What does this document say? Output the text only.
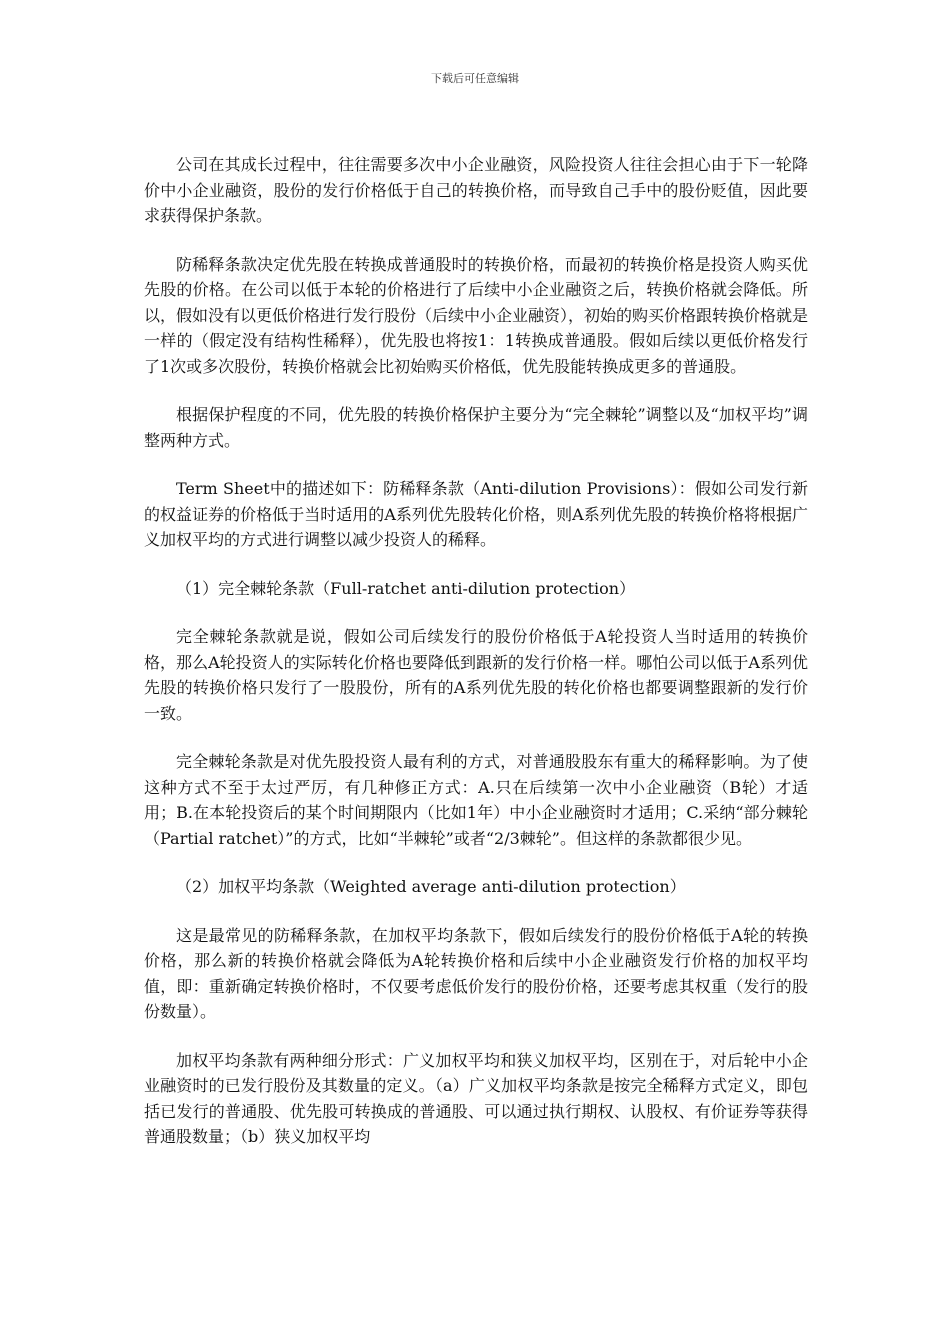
下载后可任意编辑

公司在其成长过程中，往往需要多次中小企业融资，风险投资人往往会担心由于下一轮降价中小企业融资，股份的发行价格低于自己的转换价格，而导致自己手中的股份贬值，因此要求获得保护条款。

防稀释条款决定优先股在转换成普通股时的转换价格，而最初的转换价格是投资人购买优先股的价格。在公司以低于本轮的价格进行了后续中小企业融资之后，转换价格就会降低。所以，假如没有以更低价格进行发行股份（后续中小企业融资），初始的购买价格跟转换价格就是一样的（假定没有结构性稀释），优先股也将按1：1转换成普通股。假如后续以更低价格发行了1次或多次股份，转换价格就会比初始购买价格低，优先股能转换成更多的普通股。

根据保护程度的不同，优先股的转换价格保护主要分为“完全棘轮”调整以及“加权平均”调整两种方式。

Term Sheet中的描述如下：防稀释条款（Anti-dilution Provisions）：假如公司发行新的权益证券的价格低于当时适用的A系列优先股转化价格，则A系列优先股的转换价格将根据广义加权平均的方式进行调整以减少投资人的稀释。

（1）完全棘轮条款（Full-ratchet anti-dilution protection）

完全棘轮条款就是说，假如公司后续发行的股份价格低于A轮投资人当时适用的转换价格，那么A轮投资人的实际转化价格也要降低到跟新的发行价格一样。哪怕公司以低于A系列优先股的转换价格只发行了一股股份，所有的A系列优先股的转化价格也都要调整跟新的发行价一致。

完全棘轮条款是对优先股投资人最有利的方式，对普通股股东有重大的稀释影响。为了使这种方式不至于太过严厉，有几种修正方式：A.只在后续第一次中小企业融资（B轮）才适用；B.在本轮投资后的某个时间期限内（比如1年）中小企业融资时才适用；C.采纳“部分棘轮（Partial ratchet）”的方式，比如“半棘轮”或者“2/3棘轮”。但这样的条款都很少见。

（2）加权平均条款（Weighted average anti-dilution protection）

这是最常见的防稀释条款，在加权平均条款下，假如后续发行的股份价格低于A轮的转换价格，那么新的转换价格就会降低为A轮转换价格和后续中小企业融资发行价格的加权平均值，即：重新确定转换价格时，不仅要考虑低价发行的股份价格，还要考虑其权重（发行的股份数量）。

加权平均条款有两种细分形式：广义加权平均和狭义加权平均，区别在于，对后轮中小企业融资时的已发行股份及其数量的定义。（a）广义加权平均条款是按完全稀释方式定义，即包括已发行的普通股、优先股可转换成的普通股、可以通过执行期权、认股权、有价证券等获得普通股数量；（b）狭义加权平均
